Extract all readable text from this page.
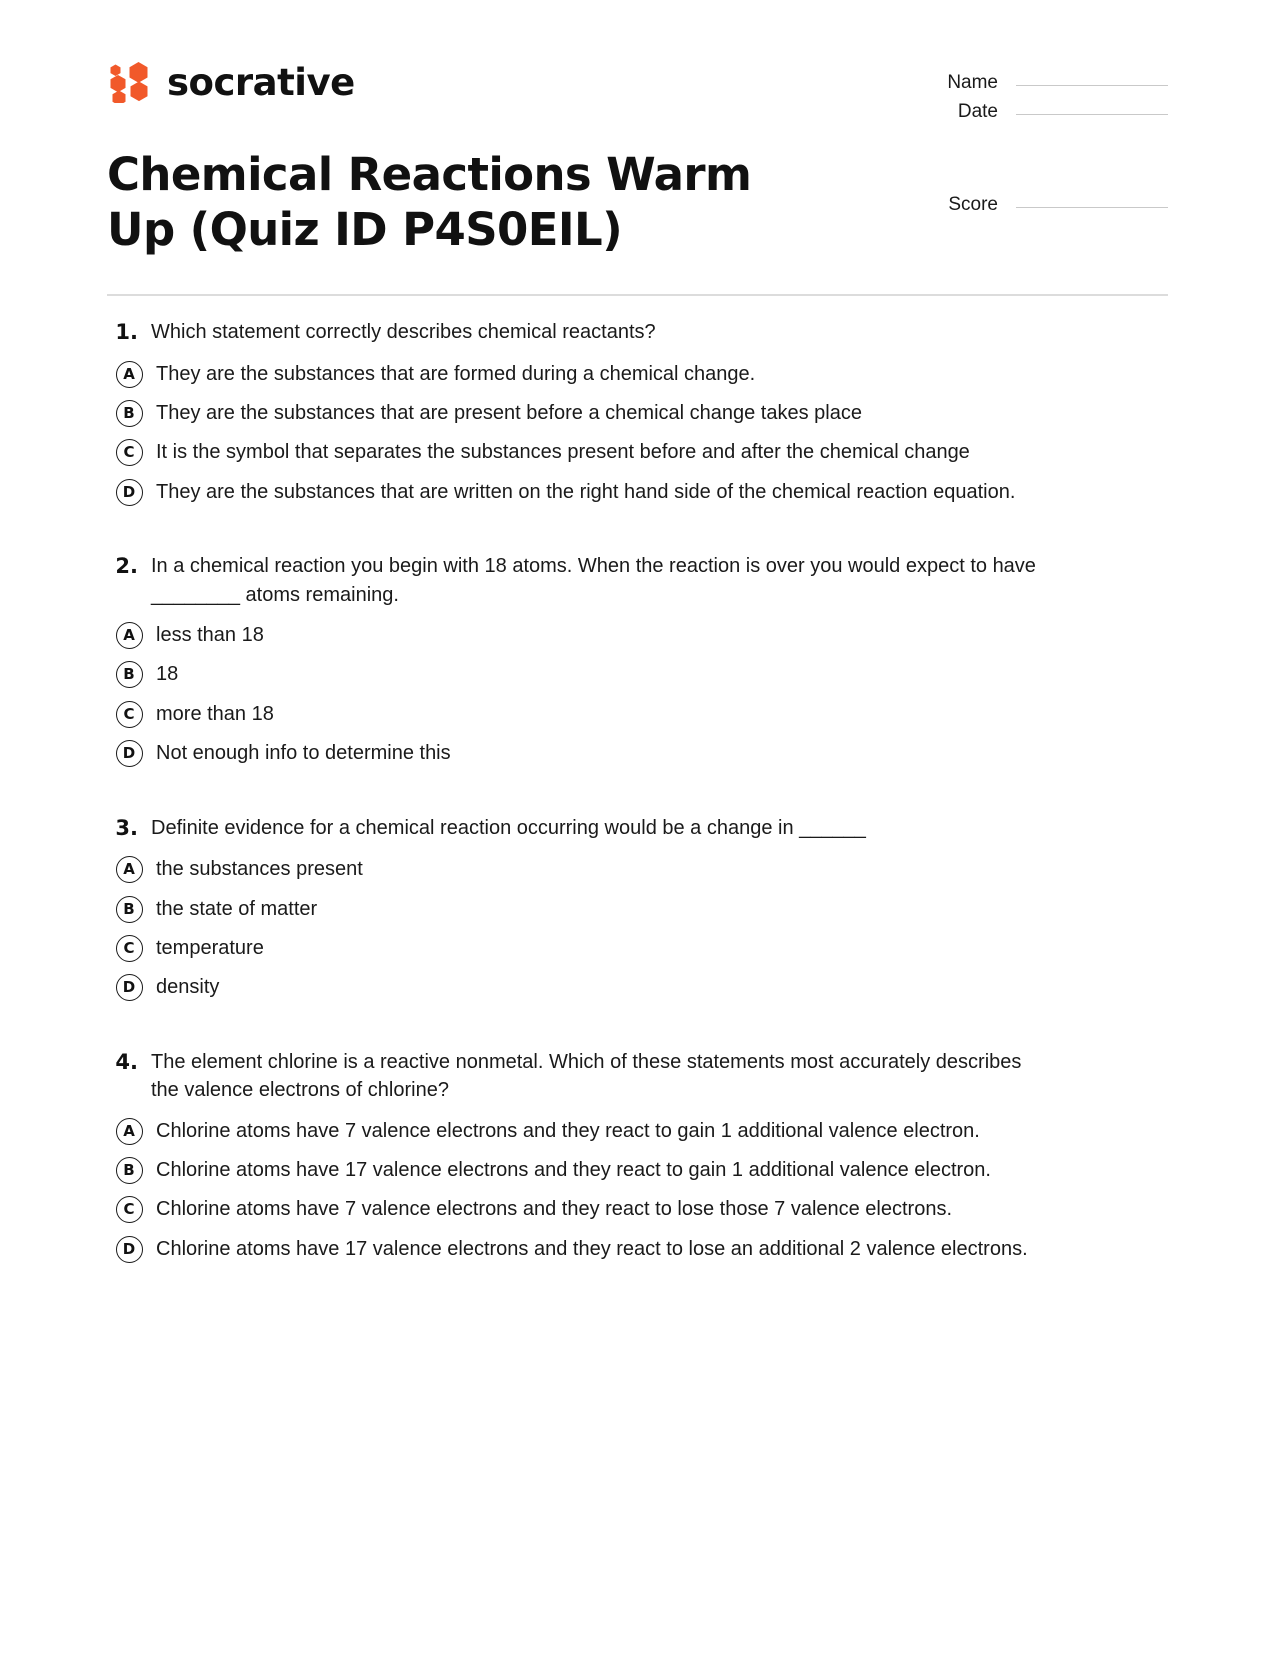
socrative	Name
Date
Score
Chemical Reactions Warm Up (Quiz ID P4S0EIL)
1. Which statement correctly describes chemical reactants?
A	They are the substances that are formed during a chemical change.
B	They are the substances that are present before a chemical change takes place
C	It is the symbol that separates the substances present before and after the chemical change
D	They are the substances that are written on the right hand side of the chemical reaction equation.
2. In a chemical reaction you begin with 18 atoms. When the reaction is over you would expect to have ________ atoms remaining.
A	less than 18
B	18
C	more than 18
D	Not enough info to determine this
3. Definite evidence for a chemical reaction occurring would be a change in ______
A	the substances present
B	the state of matter
C	temperature
D	density
4. The element chlorine is a reactive nonmetal. Which of these statements most accurately describes the valence electrons of chlorine?
A	Chlorine atoms have 7 valence electrons and they react to gain 1 additional valence electron.
B	Chlorine atoms have 17 valence electrons and they react to gain 1 additional valence electron.
C	Chlorine atoms have 7 valence electrons and they react to lose those 7 valence electrons.
D	Chlorine atoms have 17 valence electrons and they react to lose an additional 2 valence electrons.
